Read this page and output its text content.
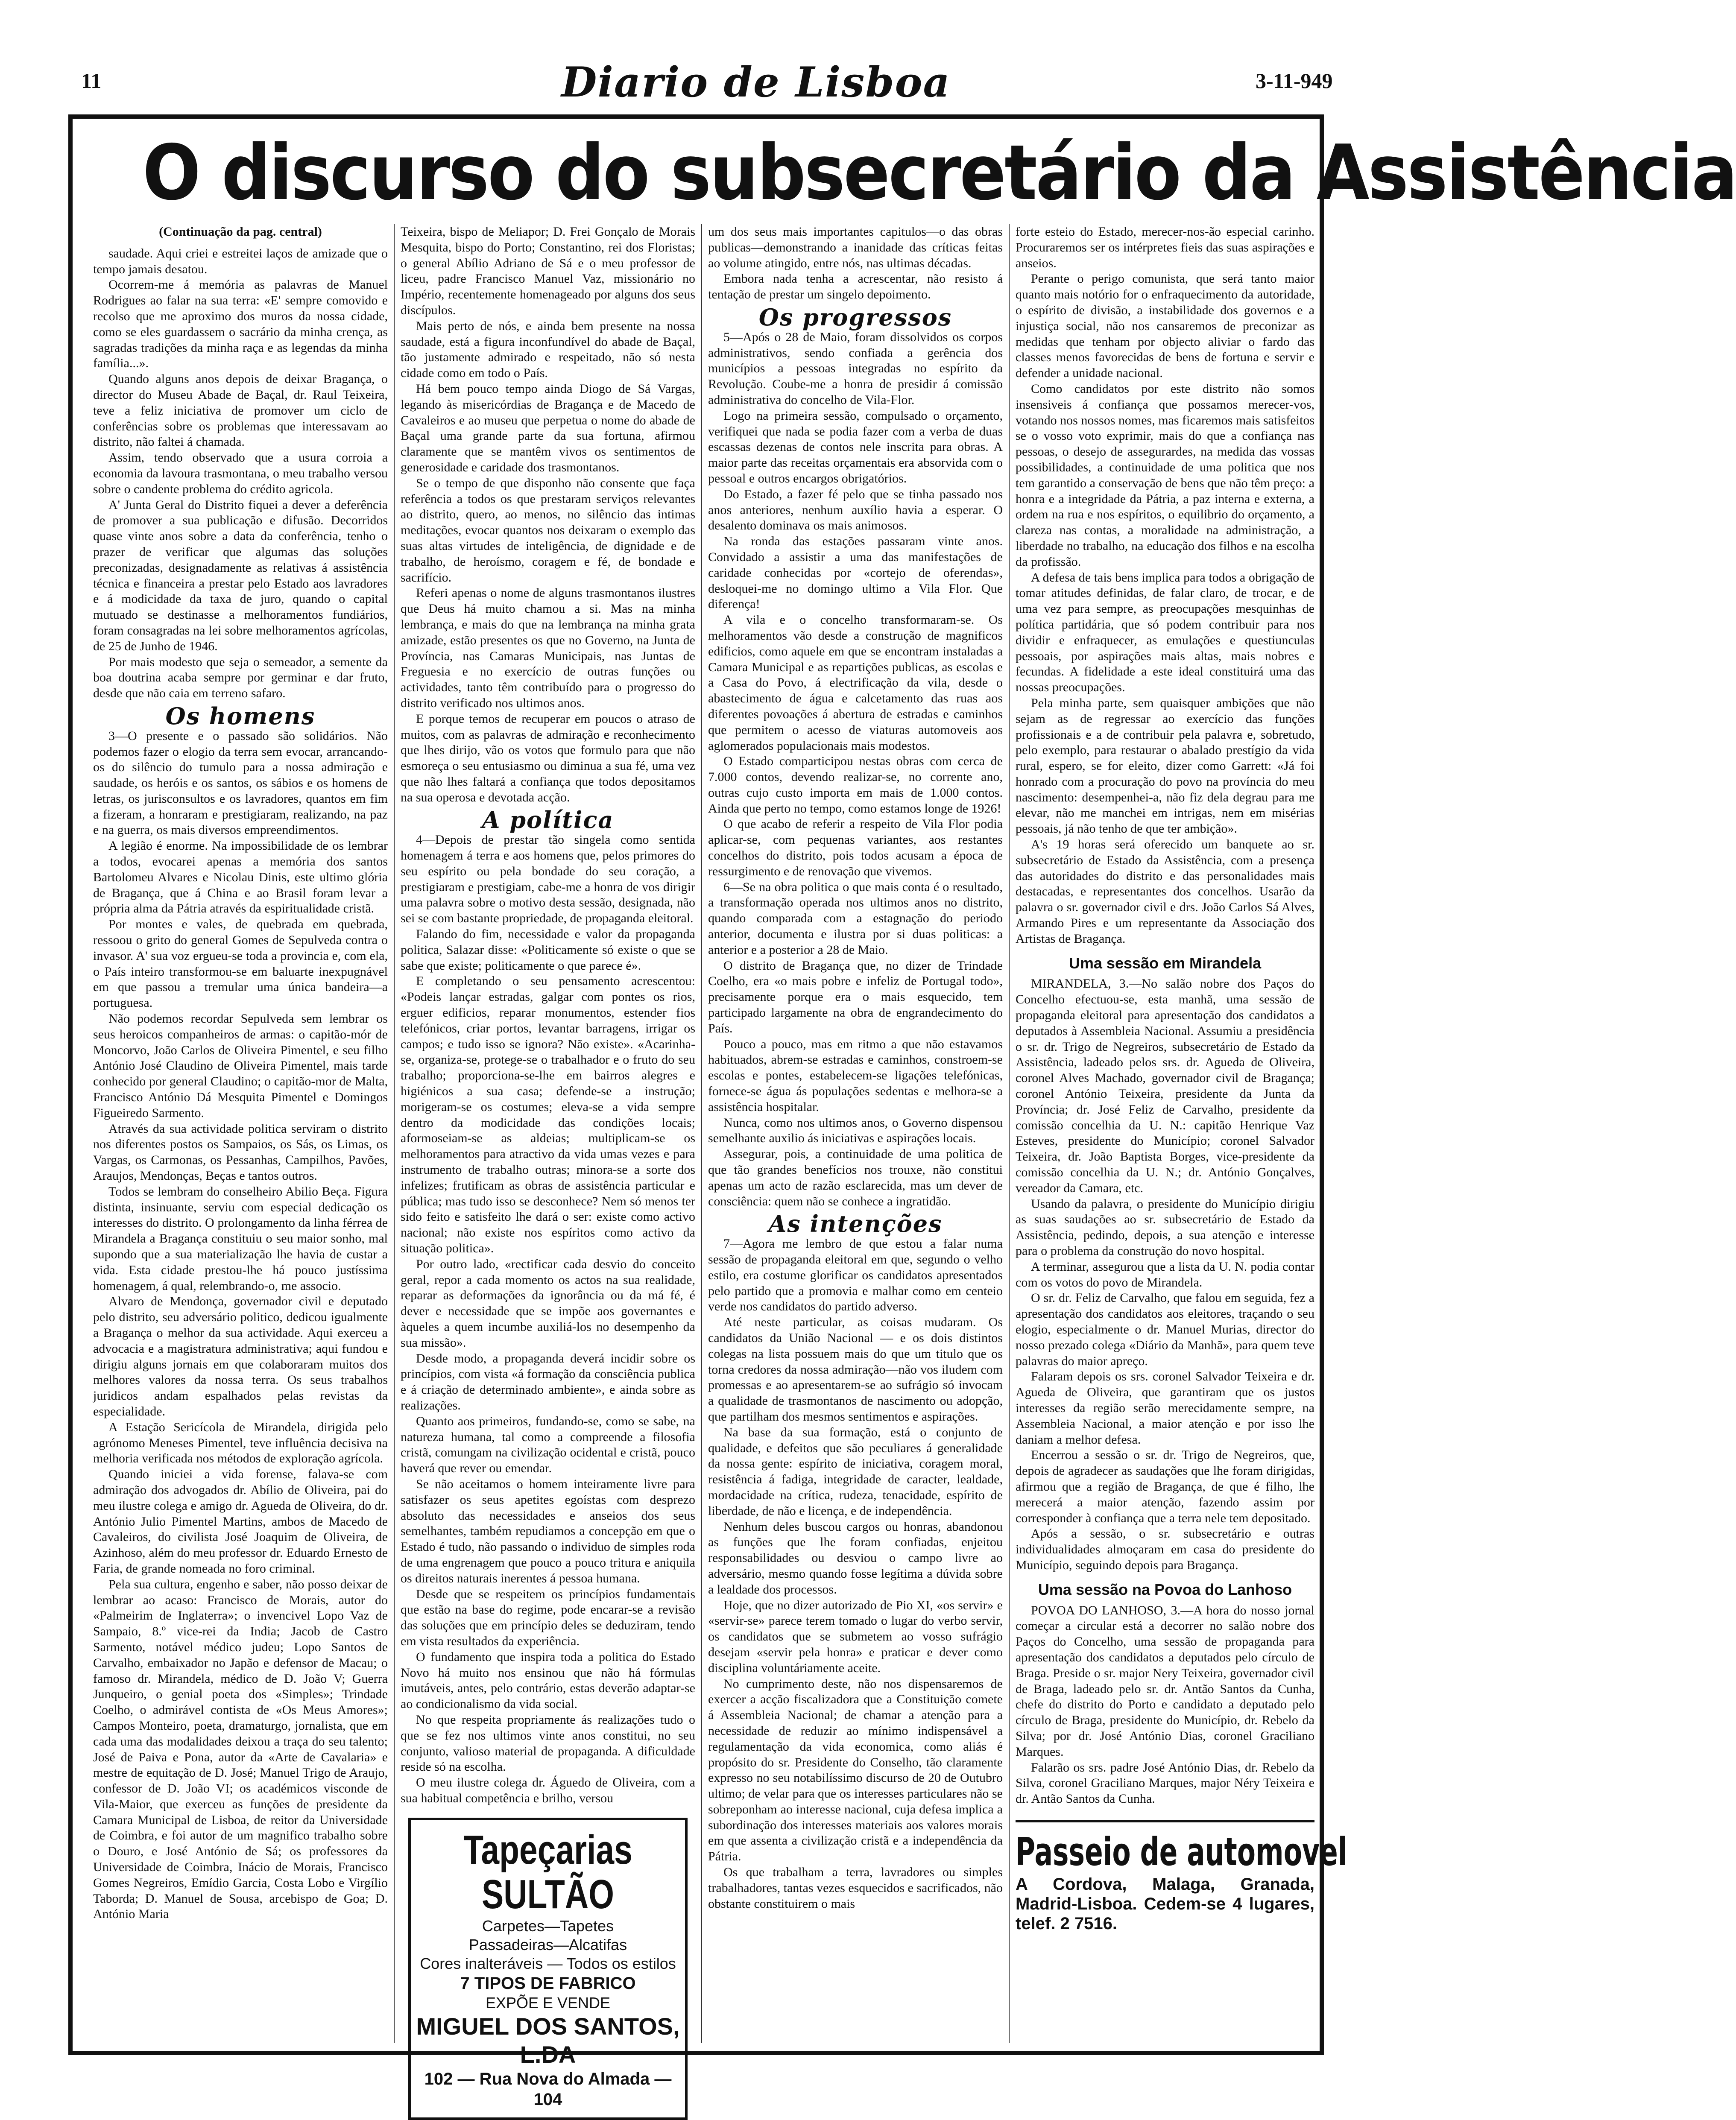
11	Diario de Lisboa	3-11-949
O discurso do subsecretário da Assistência
(Continuação da pag. central)

saudade. Aqui criei e estreitei laços de amizade que o tempo jamais desatou.

Ocorrem-me á memória as palavras de Manuel Rodrigues ao falar na sua terra: «E' sempre comovido e recolso que me aproximo dos muros da nossa cidade, como se eles guardassem o sacrário da minha crença, as sagradas tradições da minha raça e as legendas da minha família...».

Quando alguns anos depois de deixar Bragança, o director do Museu Abade de Baçal, dr. Raul Teixeira, teve a feliz iniciativa de promover um ciclo de conferências sobre os problemas que interessavam ao distrito, não faltei á chamada.

Assim, tendo observado que a usura corroia a economia da lavoura trasmontana, o meu trabalho versou sobre o candente problema do crédito agricola.

A' Junta Geral do Distrito fiquei a dever a deferência de promover a sua publicação e difusão. Decorridos quase vinte anos sobre a data da conferência, tenho o prazer de verificar que algumas das soluções preconizadas, designadamente as relativas á assistência técnica e financeira a prestar pelo Estado aos lavradores e á modicidade da taxa de juro, quando o capital mutuado se destinasse a melhoramentos fundiários, foram consagradas na lei sobre melhoramentos agrícolas, de 25 de Junho de 1946.

Por mais modesto que seja o semeador, a semente da boa doutrina acaba sempre por germinar e dar fruto, desde que não caia em terreno safaro.

Os homens

3—O presente e o passado são solidários. Não podemos fazer o elogio da terra sem evocar, arrancando-os do silêncio do tumulo para a nossa admiração e saudade, os heróis e os santos, os sábios e os homens de letras, os jurisconsultos e os lavradores, quantos em fim a fizeram, a honraram e prestigiaram, realizando, na paz e na guerra, os mais diversos empreendimentos.

A legião é enorme. Na impossibilidade de os lembrar a todos, evocarei apenas a memória dos santos Bartolomeu Alvares e Nicolau Dinis, este ultimo glória de Bragança, que á China e ao Brasil foram levar a própria alma da Pátria através da espiritualidade cristã.

Por montes e vales, de quebrada em quebrada, ressoou o grito do general Gomes de Sepulveda contra o invasor. A' sua voz ergueu-se toda a provincia e, com ela, o País inteiro transformou-se em baluarte inexpugnável em que passou a tremular uma única bandeira—a portuguesa.

Não podemos recordar Sepulveda sem lembrar os seus heroicos companheiros de armas: o capitão-mór de Moncorvo, João Carlos de Oliveira Pimentel, e seu filho António José Claudino de Oliveira Pimentel, mais tarde conhecido por general Claudino; o capitão-mor de Malta, Francisco António Dá Mesquita Pimentel e Domingos Figueiredo Sarmento.

Através da sua actividade politica serviram o distrito nos diferentes postos os Sampaios, os Sás, os Limas, os Vargas, os Carmonas, os Pessanhas, Campilhos, Pavões, Araujos, Mendonças, Beças e tantos outros.

Todos se lembram do conselheiro Abilio Beça. Figura distinta, insinuante, serviu com especial dedicação os interesses do distrito. O prolongamento da linha férrea de Mirandela a Bragança constituiu o seu maior sonho, mal supondo que a sua materialização lhe havia de custar a vida. Esta cidade prestou-lhe há pouco justíssima homenagem, á qual, relembrando-o, me associo.

Alvaro de Mendonça, governador civil e deputado pelo distrito, seu adversário politico, dedicou igualmente a Bragança o melhor da sua actividade. Aqui exerceu a advocacia e a magistratura administrativa; aqui fundou e dirigiu alguns jornais em que colaboraram muitos dos melhores valores da nossa terra. Os seus trabalhos juridicos andam espalhados pelas revistas da especialidade.

A Estação Sericícola de Mirandela, dirigida pelo agrónomo Meneses Pimentel, teve influência decisiva na melhoria verificada nos métodos de exploração agrícola.

Quando iniciei a vida forense, falava-se com admiração dos advogados dr. Abílio de Oliveira, pai do meu ilustre colega e amigo dr. Agueda de Oliveira, do dr. António Julio Pimentel Martins, ambos de Macedo de Cavaleiros, do civilista José Joaquim de Oliveira, de Azinhoso, além do meu professor dr. Eduardo Ernesto de Faria, de grande nomeada no foro criminal.

Pela sua cultura, engenho e saber, não posso deixar de lembrar ao acaso: Francisco de Morais, autor do «Palmeirim de Inglaterra»; o invencivel Lopo Vaz de Sampaio, 8.º vice-rei da India; Jacob de Castro Sarmento, notável médico judeu; Lopo Santos de Carvalho, embaixador no Japão e defensor de Macau; o famoso dr. Mirandela, médico de D. João V; Guerra Junqueiro, o genial poeta dos «Simples»; Trindade Coelho, o admirável contista de «Os Meus Amores»; Campos Monteiro, poeta, dramaturgo, jornalista, que em cada uma das modalidades deixou a traça do seu talento; José de Paiva e Pona, autor da «Arte de Cavalaria» e mestre de equitação de D. José; Manuel Trigo de Araujo, confessor de D. João VI; os académicos visconde de Vila-Maior, que exerceu as funções de presidente da Camara Municipal de Lisboa, de reitor da Universidade de Coimbra, e foi autor de um magnifico trabalho sobre o Douro, e José António de Sá; os professores da Universidade de Coimbra, Inácio de Morais, Francisco Gomes Negreiros, Emídio Garcia, Costa Lobo e Virgílio Taborda; D. Manuel de Sousa, arcebispo de Goa; D. António Maria

Teixeira, bispo de Meliapor; D. Frei Gonçalo de Morais Mesquita, bispo do Porto; Constantino, rei dos Floristas; o general Abílio Adriano de Sá e o meu professor de liceu, padre Francisco Manuel Vaz, missionário no Império, recentemente homenageado por alguns dos seus discípulos.

Mais perto de nós, e ainda bem presente na nossa saudade, está a figura inconfundível do abade de Baçal, tão justamente admirado e respeitado, não só nesta cidade como em todo o País.

Há bem pouco tempo ainda Diogo de Sá Vargas, legando às misericórdias de Bragança e de Macedo de Cavaleiros e ao museu que perpetua o nome do abade de Baçal uma grande parte da sua fortuna, afirmou claramente que se mantêm vivos os sentimentos de generosidade e caridade dos trasmontanos.

Se o tempo de que disponho não consente que faça referência a todos os que prestaram serviços relevantes ao distrito, quero, ao menos, no silêncio das intimas meditações, evocar quantos nos deixaram o exemplo das suas altas virtudes de inteligência, de dignidade e de trabalho, de heroísmo, coragem e fé, de bondade e sacrifício.

Referi apenas o nome de alguns trasmontanos ilustres que Deus há muito chamou a si. Mas na minha lembrança, e mais do que na lembrança na minha grata amizade, estão presentes os que no Governo, na Junta de Província, nas Camaras Municipais, nas Juntas de Freguesia e no exercício de outras funções ou actividades, tanto têm contribuído para o progresso do distrito verificado nos ultimos anos.

E porque temos de recuperar em poucos o atraso de muitos, com as palavras de admiração e reconhecimento que lhes dirijo, vão os votos que formulo para que não esmoreça o seu entusiasmo ou diminua a sua fé, uma vez que não lhes faltará a confiança que todos depositamos na sua operosa e devotada acção.

A política

4—Depois de prestar tão singela como sentida homenagem á terra e aos homens que, pelos primores do seu espírito ou pela bondade do seu coração, a prestigiaram e prestigiam, cabe-me a honra de vos dirigir uma palavra sobre o motivo desta sessão, designada, não sei se com bastante propriedade, de propaganda eleitoral.

Falando do fim, necessidade e valor da propaganda politica, Salazar disse: «Politicamente só existe o que se sabe que existe; politicamente o que parece é».

E completando o seu pensamento acrescentou: «Podeis lançar estradas, galgar com pontes os rios, erguer edificios, reparar monumentos, estender fios telefónicos, criar portos, levantar barragens, irrigar os campos; e tudo isso se ignora? Não existe». «Acarinha-se, organiza-se, protege-se o trabalhador e o fruto do seu trabalho; proporciona-se-lhe em bairros alegres e higiénicos a sua casa; defende-se a instrução; morigeram-se os costumes; eleva-se a vida sempre dentro da modicidade das condições locais; aformoseiam-se as aldeias; multiplicam-se os melhoramentos para atractivo da vida umas vezes e para instrumento de trabalho outras; minora-se a sorte dos infelizes; frutificam as obras de assistência particular e pública; mas tudo isso se desconhece? Nem só menos ter sido feito e satisfeito lhe dará o ser: existe como activo nacional; não existe nos espíritos como activo da situação politica».

Por outro lado, «rectificar cada desvio do conceito geral, repor a cada momento os actos na sua realidade, reparar as deformações da ignorância ou da má fé, é dever e necessidade que se impõe aos governantes e àqueles a quem incumbe auxiliá-los no desempenho da sua missão».

Desde modo, a propaganda deverá incidir sobre os princípios, com vista «á formação da consciência publica e á criação de determinado ambiente», e ainda sobre as realizações.

Quanto aos primeiros, fundando-se, como se sabe, na natureza humana, tal como a compreende a filosofia cristã, comungam na civilização ocidental e cristã, pouco haverá que rever ou emendar.

Se não aceitamos o homem inteiramente livre para satisfazer os seus apetites egoístas com desprezo absoluto das necessidades e anseios dos seus semelhantes, também repudiamos a concepção em que o Estado é tudo, não passando o individuo de simples roda de uma engrenagem que pouco a pouco tritura e aniquila os direitos naturais inerentes á pessoa humana.

Desde que se respeitem os princípios fundamentais que estão na base do regime, pode encarar-se a revisão das soluções que em princípio deles se deduziram, tendo em vista resultados da experiência.

O fundamento que inspira toda a politica do Estado Novo há muito nos ensinou que não há fórmulas imutáveis, antes, pelo contrário, estas deverão adaptar-se ao condicionalismo da vida social.

No que respeita propriamente ás realizações tudo o que se fez nos ultimos vinte anos constitui, no seu conjunto, valioso material de propaganda. A dificuldade reside só na escolha.

O meu ilustre colega dr. Águedo de Oliveira, com a sua habitual competência e brilho, versou

Tapeçarias SULTÃO
Carpetes—Tapetes
Passadeiras—Alcatifas
Cores inalteráveis — Todos os estilos
7 TIPOS DE FABRICO
EXPÕE E VENDE
MIGUEL DOS SANTOS, L.DA
102 — Rua Nova do Almada — 104

um dos seus mais importantes capitulos—o das obras publicas—demonstrando a inanidade das críticas feitas ao volume atingido, entre nós, nas ultimas décadas.

Embora nada tenha a acrescentar, não resisto á tentação de prestar um singelo depoimento.

Os progressos

5—Após o 28 de Maio, foram dissolvidos os corpos administrativos, sendo confiada a gerência dos municípios a pessoas integradas no espírito da Revolução. Coube-me a honra de presidir á comissão administrativa do concelho de Vila-Flor.

Logo na primeira sessão, compulsado o orçamento, verifiquei que nada se podia fazer com a verba de duas escassas dezenas de contos nele inscrita para obras. A maior parte das receitas orçamentais era absorvida com o pessoal e outros encargos obrigatórios.

Do Estado, a fazer fé pelo que se tinha passado nos anos anteriores, nenhum auxílio havia a esperar. O desalento dominava os mais animosos.

Na ronda das estações passaram vinte anos. Convidado a assistir a uma das manifestações de caridade conhecidas por «cortejo de oferendas», desloquei-me no domingo ultimo a Vila Flor. Que diferença!

A vila e o concelho transformaram-se. Os melhoramentos vão desde a construção de magnificos edificios, como aquele em que se encontram instaladas a Camara Municipal e as repartições publicas, as escolas e a Casa do Povo, á electrificação da vila, desde o abastecimento de água e calcetamento das ruas aos diferentes povoações á abertura de estradas e caminhos que permitem o acesso de viaturas automoveis aos aglomerados populacionais mais modestos.

O Estado comparticipou nestas obras com cerca de 7.000 contos, devendo realizar-se, no corrente ano, outras cujo custo importa em mais de 1.000 contos. Ainda que perto no tempo, como estamos longe de 1926!

O que acabo de referir a respeito de Vila Flor podia aplicar-se, com pequenas variantes, aos restantes concelhos do distrito, pois todos acusam a época de ressurgimento e de renovação que vivemos.

6—Se na obra politica o que mais conta é o resultado, a transformação operada nos ultimos anos no distrito, quando comparada com a estagnação do periodo anterior, documenta e ilustra por si duas politicas: a anterior e a posterior a 28 de Maio.

O distrito de Bragança que, no dizer de Trindade Coelho, era «o mais pobre e infeliz de Portugal todo», precisamente porque era o mais esquecido, tem participado largamente na obra de engrandecimento do País.

Pouco a pouco, mas em ritmo a que não estavamos habituados, abrem-se estradas e caminhos, constroem-se escolas e pontes, estabelecem-se ligações telefónicas, fornece-se água ás populações sedentas e melhora-se a assistência hospitalar.

Nunca, como nos ultimos anos, o Governo dispensou semelhante auxilio ás iniciativas e aspirações locais.

Assegurar, pois, a continuidade de uma politica de que tão grandes benefícios nos trouxe, não constitui apenas um acto de razão esclarecida, mas um dever de consciência: quem não se conhece a ingratidão.

As intenções

7—Agora me lembro de que estou a falar numa sessão de propaganda eleitoral em que, segundo o velho estilo, era costume glorificar os candidatos apresentados pelo partido que a promovia e malhar como em centeio verde nos candidatos do partido adverso.

Até neste particular, as coisas mudaram. Os candidatos da União Nacional — e os dois distintos colegas na lista possuem mais do que um titulo que os torna credores da nossa admiração—não vos iludem com promessas e ao apresentarem-se ao sufrágio só invocam a qualidade de trasmontanos de nascimento ou adopção, que partilham dos mesmos sentimentos e aspirações.

Na base da sua formação, está o conjunto de qualidade, e defeitos que são peculiares á generalidade da nossa gente: espírito de iniciativa, coragem moral, resistência á fadiga, integridade de caracter, lealdade, mordacidade na crítica, rudeza, tenacidade, espírito de liberdade, de não e licença, e de independência.

Nenhum deles buscou cargos ou honras, abandonou as funções que lhe foram confiadas, enjeitou responsabilidades ou desviou o campo livre ao adversário, mesmo quando fosse legítima a dúvida sobre a lealdade dos processos.

Hoje, que no dizer autorizado de Pio XI, «os servir» e «servir-se» parece terem tomado o lugar do verbo servir, os candidatos que se submetem ao vosso sufrágio desejam «servir pela honra» e praticar e dever como disciplina voluntáriamente aceite.

No cumprimento deste, não nos dispensaremos de exercer a acção fiscalizadora que a Constituição comete á Assembleia Nacional; de chamar a atenção para a necessidade de reduzir ao mínimo indispensável a regulamentação da vida economica, como aliás é propósito do sr. Presidente do Conselho, tão claramente expresso no seu notabilíssimo discurso de 20 de Outubro ultimo; de velar para que os interesses particulares não se sobreponham ao interesse nacional, cuja defesa implica a subordinação dos interesses materiais aos valores morais em que assenta a civilização cristã e a independência da Pátria.

Os que trabalham a terra, lavradores ou simples trabalhadores, tantas vezes esquecidos e sacrificados, não obstante constituirem o mais

forte esteio do Estado, merecer-nos-ão especial carinho. Procuraremos ser os intérpretes fieis das suas aspirações e anseios.

Perante o perigo comunista, que será tanto maior quanto mais notório for o enfraquecimento da autoridade, o espírito de divisão, a instabilidade dos governos e a injustiça social, não nos cansaremos de preconizar as medidas que tenham por objecto aliviar o fardo das classes menos favorecidas de bens de fortuna e servir e defender a unidade nacional.

Como candidatos por este distrito não somos insensiveis á confiança que possamos merecer-vos, votando nos nossos nomes, mas ficaremos mais satisfeitos se o vosso voto exprimir, mais do que a confiança nas pessoas, o desejo de assegurardes, na medida das vossas possibilidades, a continuidade de uma politica que nos tem garantido a conservação de bens que não têm preço: a honra e a integridade da Pátria, a paz interna e externa, a ordem na rua e nos espíritos, o equilibrio do orçamento, a clareza nas contas, a moralidade na administração, a liberdade no trabalho, na educação dos filhos e na escolha da profissão.

A defesa de tais bens implica para todos a obrigação de tomar atitudes definidas, de falar claro, de trocar, e de uma vez para sempre, as preocupações mesquinhas de política partidária, que só podem contribuir para nos dividir e enfraquecer, as emulações e questiunculas pessoais, por aspirações mais altas, mais nobres e fecundas. A fidelidade a este ideal constituirá uma das nossas preocupações.

Pela minha parte, sem quaisquer ambições que não sejam as de regressar ao exercício das funções profissionais e a de contribuir pela palavra e, sobretudo, pelo exemplo, para restaurar o abalado prestígio da vida rural, espero, se for eleito, dizer como Garrett: «Já foi honrado com a procuração do povo na província do meu nascimento: desempenhei-a, não fiz dela degrau para me elevar, não me manchei em intrigas, nem em misérias pessoais, já não tenho de que ter ambição».

A's 19 horas será oferecido um banquete ao sr. subsecretário de Estado da Assistência, com a presença das autoridades do distrito e das personalidades mais destacadas, e representantes dos concelhos. Usarão da palavra o sr. governador civil e drs. João Carlos Sá Alves, Armando Pires e um representante da Associação dos Artistas de Bragança.

Uma sessão em Mirandela

MIRANDELA, 3.—No salão nobre dos Paços do Concelho efectuou-se, esta manhã, uma sessão de propaganda eleitoral para apresentação dos candidatos a deputados à Assembleia Nacional. Assumiu a presidência o sr. dr. Trigo de Negreiros, subsecretário de Estado da Assistência, ladeado pelos srs. dr. Agueda de Oliveira, coronel Alves Machado, governador civil de Bragança; coronel António Teixeira, presidente da Junta da Província; dr. José Feliz de Carvalho, presidente da comissão concelhia da U. N.: capitão Henrique Vaz Esteves, presidente do Município; coronel Salvador Teixeira, dr. João Baptista Borges, vice-presidente da comissão concelhia da U. N.; dr. António Gonçalves, vereador da Camara, etc.

Usando da palavra, o presidente do Município dirigiu as suas saudações ao sr. subsecretário de Estado da Assistência, pedindo, depois, a sua atenção e interesse para o problema da construção do novo hospital.

A terminar, assegurou que a lista da U. N. podia contar com os votos do povo de Mirandela.

O sr. dr. Feliz de Carvalho, que falou em seguida, fez a apresentação dos candidatos aos eleitores, traçando o seu elogio, especialmente o dr. Manuel Murias, director do nosso prezado colega «Diário da Manhã», para quem teve palavras do maior apreço.

Falaram depois os srs. coronel Salvador Teixeira e dr. Agueda de Oliveira, que garantiram que os justos interesses da região serão merecidamente sempre, na Assembleia Nacional, a maior atenção e por isso lhe daniam a melhor defesa.

Encerrou a sessão o sr. dr. Trigo de Negreiros, que, depois de agradecer as saudações que lhe foram dirigidas, afirmou que a região de Bragança, de que é filho, lhe merecerá a maior atenção, fazendo assim por corresponder à confiança que a terra nele tem depositado.

Após a sessão, o sr. subsecretário e outras individualidades almoçaram em casa do presidente do Município, seguindo depois para Bragança.

Uma sessão na Povoa do Lanhoso

POVOA DO LANHOSO, 3.—A hora do nosso jornal começar a circular está a decorrer no salão nobre dos Paços do Concelho, uma sessão de propaganda para apresentação dos candidatos a deputados pelo círculo de Braga. Preside o sr. major Nery Teixeira, governador civil de Braga, ladeado pelo sr. dr. Antão Santos da Cunha, chefe do distrito do Porto e candidato a deputado pelo círculo de Braga, presidente do Município, dr. Rebelo da Silva; por dr. José António Dias, coronel Graciliano Marques.

Falarão os srs. padre José António Dias, dr. Rebelo da Silva, coronel Graciliano Marques, major Néry Teixeira e dr. Antão Santos da Cunha.

Passeio de automovel
A Cordova, Malaga, Granada, Madrid-Lisboa. Cedem-se 4 lugares, telef. 2 7516.
